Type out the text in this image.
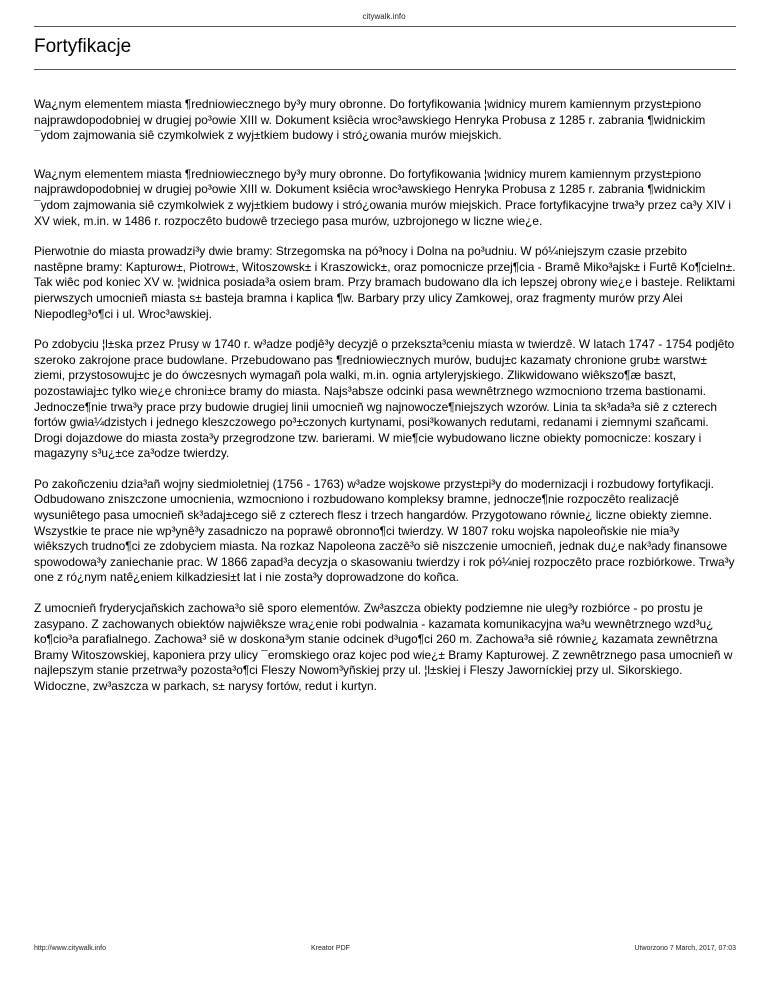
citywalk.info
Fortyfikacje

Wa¿nym elementem miasta ¶redniowiecznego by³y mury obronne. Do fortyfikowania ¦widnicy murem kamiennym przyst±piono najprawdopodobniej w drugiej po³owie XIII w. Dokument ksiêcia wroc³awskiego Henryka Probusa z 1285 r. zabrania ¶widnickim ¯ydom zajmowania siê czymkolwiek z wyj±tkiem budowy i stró¿owania murów miejskich.

Wa¿nym elementem miasta ¶redniowiecznego by³y mury obronne. Do fortyfikowania ¦widnicy murem kamiennym przyst±piono najprawdopodobniej w drugiej po³owie XIII w. Dokument ksiêcia wroc³awskiego Henryka Probusa z 1285 r. zabrania ¶widnickim ¯ydom zajmowania siê czymkolwiek z wyj±tkiem budowy i stró¿owania murów miejskich. Prace fortyfikacyjne trwa³y przez ca³y XIV i XV wiek, m.in. w 1486 r. rozpoczêto budowê trzeciego pasa murów, uzbrojonego w liczne wie¿e.

Pierwotnie do miasta prowadzi³y dwie bramy: Strzegomska na pó³nocy i Dolna na po³udniu. W pó¼niejszym czasie przebito nastêpne bramy: Kapturow±, Piotrow±, Witoszowsk± i Kraszowick±, oraz pomocnicze przej¶cia - Bramê Miko³ajsk± i Furtê Ko¶cieln±. Tak wiêc pod koniec XV w. ¦widnica posiada³a osiem bram. Przy bramach budowano dla ich lepszej obrony wie¿e i basteje. Reliktami pierwszych umocnieñ miasta s± basteja bramna i kaplica ¶w. Barbary przy ulicy Zamkowej, oraz fragmenty murów przy Alei Niepodleg³o¶ci i ul. Wroc³awskiej.

Po zdobyciu ¦l±ska przez Prusy w 1740 r. w³adze podjê³y decyzjê o przekszta³ceniu miasta w twierdzê. W latach 1747 - 1754 podjêto szeroko zakrojone prace budowlane. Przebudowano pas ¶redniowiecznych murów, buduj±c kazamaty chronione grub± warstw± ziemi, przystosowuj±c je do ówczesnych wymagañ pola walki, m.in. ognia artyleryjskiego. Zlikwidowano wiêkszo¶æ baszt, pozostawiaj±c tylko wie¿e chroni±ce bramy do miasta. Najs³absze odcinki pasa wewnêtrznego wzmocniono trzema bastionami. Jednocze¶nie trwa³y prace przy budowie drugiej linii umocnieñ wg najnowocze¶niejszych wzorów. Linia ta sk³ada³a siê z czterech fortów gwia¼dzistych i jednego kleszczowego po³±czonych kurtynami, posi³kowanych redutami, redanami i ziemnymi szañcami. Drogi dojazdowe do miasta zosta³y przegrodzone tzw. barierami. W mie¶cie wybudowano liczne obiekty pomocnicze: koszary i magazyny s³u¿±ce za³odze twierdzy.

Po zakoñczeniu dzia³añ wojny siedmioletniej (1756 - 1763) w³adze wojskowe przyst±pi³y do modernizacji i rozbudowy fortyfikacji. Odbudowano zniszczone umocnienia, wzmocniono i rozbudowano kompleksy bramne, jednocze¶nie rozpoczêto realizacjê wysuniêtego pasa umocnieñ sk³adaj±cego siê z czterech flesz i trzech hangardów. Przygotowano równie¿ liczne obiekty ziemne. Wszystkie te prace nie wp³ynê³y zasadniczo na poprawê obronno¶ci twierdzy. W 1807 roku wojska napoleoñskie nie mia³y wiêkszych trudno¶ci ze zdobyciem miasta. Na rozkaz Napoleona zaczê³o siê niszczenie umocnieñ, jednak du¿e nak³ady finansowe spowodowa³y zaniechanie prac. W 1866 zapad³a decyzja o skasowaniu twierdzy i rok pó¼niej rozpoczêto prace rozbiórkowe. Trwa³y one z ró¿nym natê¿eniem kilkadziesi±t lat i nie zosta³y doprowadzone do koñca.

Z umocnieñ fryderycjañskich zachowa³o siê sporo elementów. Zw³aszcza obiekty podziemne nie uleg³y rozbiórce - po prostu je zasypano. Z zachowanych obiektów najwiêksze wra¿enie robi podwalnia - kazamata komunikacyjna wa³u wewnêtrznego wzd³u¿ ko¶cio³a parafialnego. Zachowa³ siê w doskona³ym stanie odcinek d³ugo¶ci 260 m. Zachowa³a siê równie¿ kazamata zewnêtrzna Bramy Witoszowskiej, kaponiera przy ulicy ¯eromskiego oraz kojec pod wie¿± Bramy Kapturowej. Z zewnêtrznego pasa umocnieñ w najlepszym stanie przetrwa³y pozosta³o¶ci Fleszy Nowom³yñskiej przy ul. ¦l±skiej i Fleszy Jaworníckiej przy ul. Sikorskiego. Widoczne, zw³aszcza w parkach, s± narysy fortów, redut i kurtyn.

http://www.citywalk.info	Kreator PDF	Utworzono 7 March, 2017, 07:03
